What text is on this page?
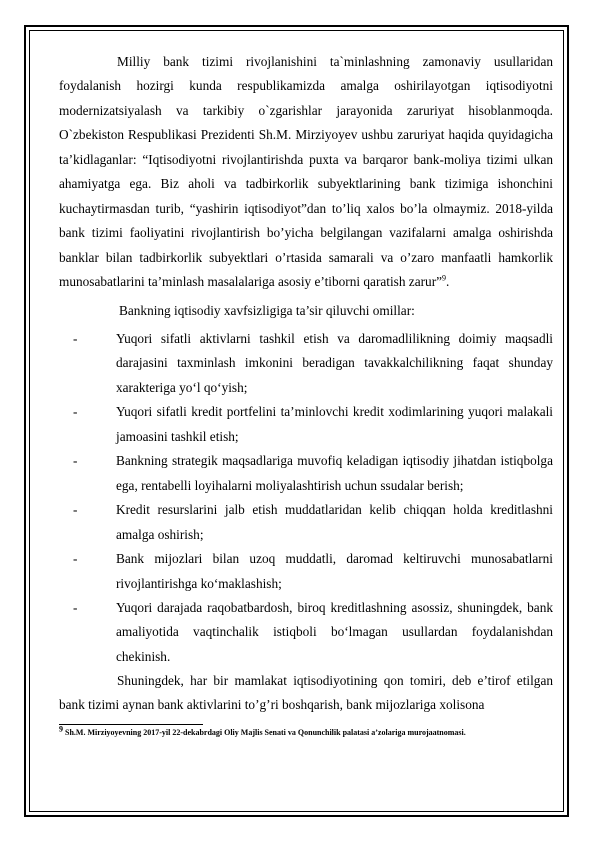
Milliy bank tizimi rivojlanishini ta`minlashning zamonaviy usullaridan foydalanish hozirgi kunda respublikamizda amalga oshirilayotgan iqtisodiyotni modernizatsiyalash va tarkibiy o`zgarishlar jarayonida zaruriyat hisoblanmoqda. O`zbekiston Respublikasi Prezidenti Sh.M. Mirziyoyev ushbu zaruriyat haqida quyidagicha ta’kidlaganlar: “Iqtisodiyotni rivojlantirishda puxta va barqaror bank-moliya tizimi ulkan ahamiyatga ega. Biz aholi va tadbirkorlik subyektlarining bank tizimiga ishonchini kuchaytirmasdan turib, “yashirin iqtisodiyot”dan to’liq xalos bo’la olmaymiz. 2018-yilda bank tizimi faoliyatini rivojlantirish bo’yicha belgilangan vazifalarni amalga oshirishda banklar bilan tadbirkorlik subyektlari o’rtasida samarali va o’zaro manfaatli hamkorlik munosabatlarini ta’minlash masalalariga asosiy e’tiborni qaratish zarur”$^9$.

Bankning iqtisodiy xavfsizligiga ta’sir qiluvchi omillar:

-	Yuqori sifatli aktivlarni tashkil etish va daromadlilikning doimiy maqsadli darajasini taxminlash imkonini beradigan tavakkalchilikning faqat shunday xarakteriga yo‘l qo‘yish;
-	Yuqori sifatli kredit portfelini ta’minlovchi kredit xodimlarining yuqori malakali jamoasini tashkil etish;
-	Bankning strategik maqsadlariga muvofiq keladigan iqtisodiy jihatdan istiqbolga ega, rentabelli loyihalarni moliyalashtirish uchun ssudalar berish;
-	Kredit resurslarini jalb etish muddatlaridan kelib chiqqan holda kreditlashni amalga oshirish;
-	Bank mijozlari bilan uzoq muddatli, daromad keltiruvchi munosabatlarni rivojlantirishga ko‘maklashish;
-	Yuqori darajada raqobatbardosh, biroq kreditlashning asossiz, shuningdek, bank amaliyotida vaqtinchalik istiqboli bo‘lmagan usullardan foydalanishdan chekinish.

Shuningdek, har bir mamlakat iqtisodiyotining qon tomiri, deb e’tirof etilgan bank tizimi aynan bank aktivlarini to’g’ri boshqarish, bank mijozlariga xolisona

$^9$ Sh.M. Mirziyoyevning 2017-yil 22-dekabrdagi Oliy Majlis Senati va Qonunchilik palatasi a’zolariga murojaatnomasi.
